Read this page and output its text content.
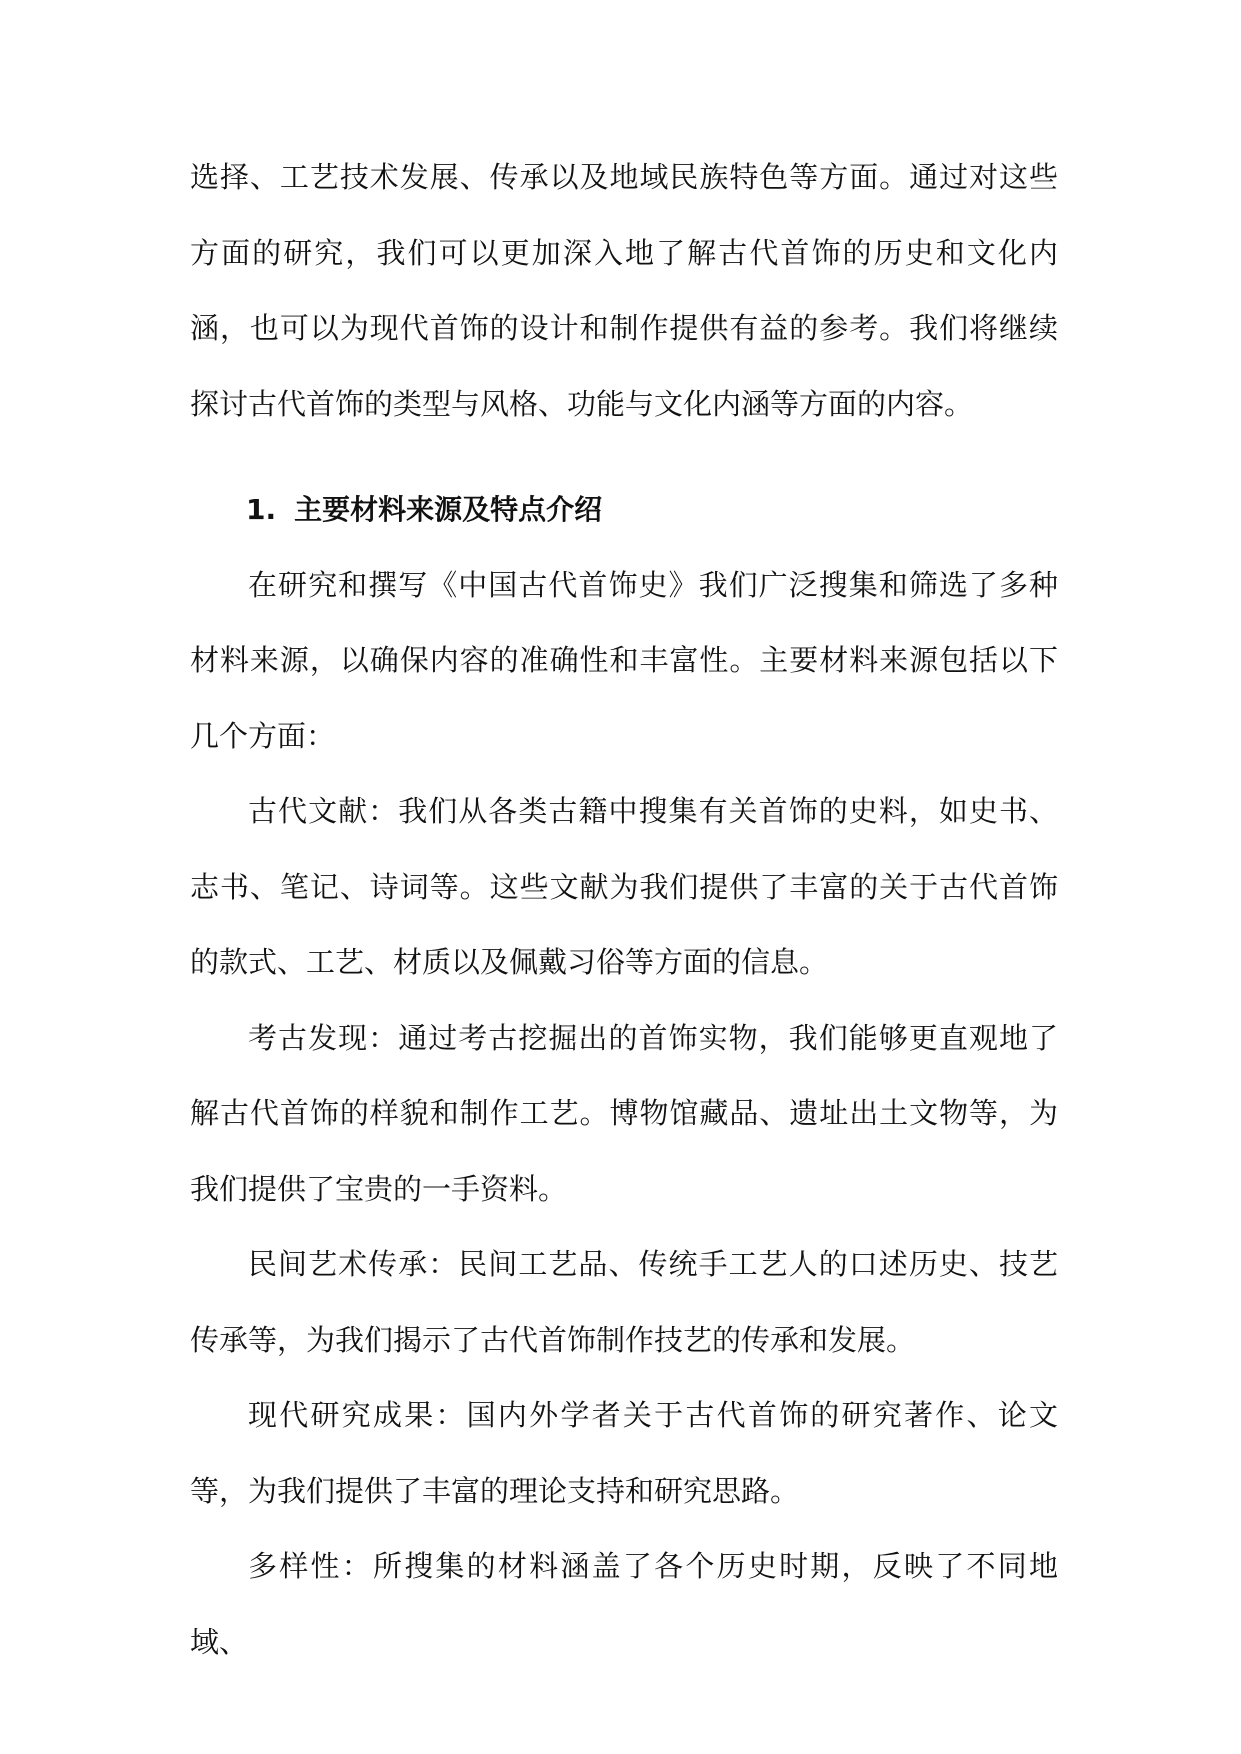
选择、工艺技术发展、传承以及地域民族特色等方面。通过对这些方面的研究，我们可以更加深入地了解古代首饰的历史和文化内涵，也可以为现代首饰的设计和制作提供有益的参考。我们将继续探讨古代首饰的类型与风格、功能与文化内涵等方面的内容。

1. 主要材料来源及特点介绍

在研究和撰写《中国古代首饰史》我们广泛搜集和筛选了多种材料来源，以确保内容的准确性和丰富性。主要材料来源包括以下几个方面：

古代文献：我们从各类古籍中搜集有关首饰的史料，如史书、志书、笔记、诗词等。这些文献为我们提供了丰富的关于古代首饰的款式、工艺、材质以及佩戴习俗等方面的信息。

考古发现：通过考古挖掘出的首饰实物，我们能够更直观地了解古代首饰的样貌和制作工艺。博物馆藏品、遗址出土文物等，为我们提供了宝贵的一手资料。

民间艺术传承：民间工艺品、传统手工艺人的口述历史、技艺传承等，为我们揭示了古代首饰制作技艺的传承和发展。

现代研究成果：国内外学者关于古代首饰的研究著作、论文等，为我们提供了丰富的理论支持和研究思路。

多样性：所搜集的材料涵盖了各个历史时期，反映了不同地域、
